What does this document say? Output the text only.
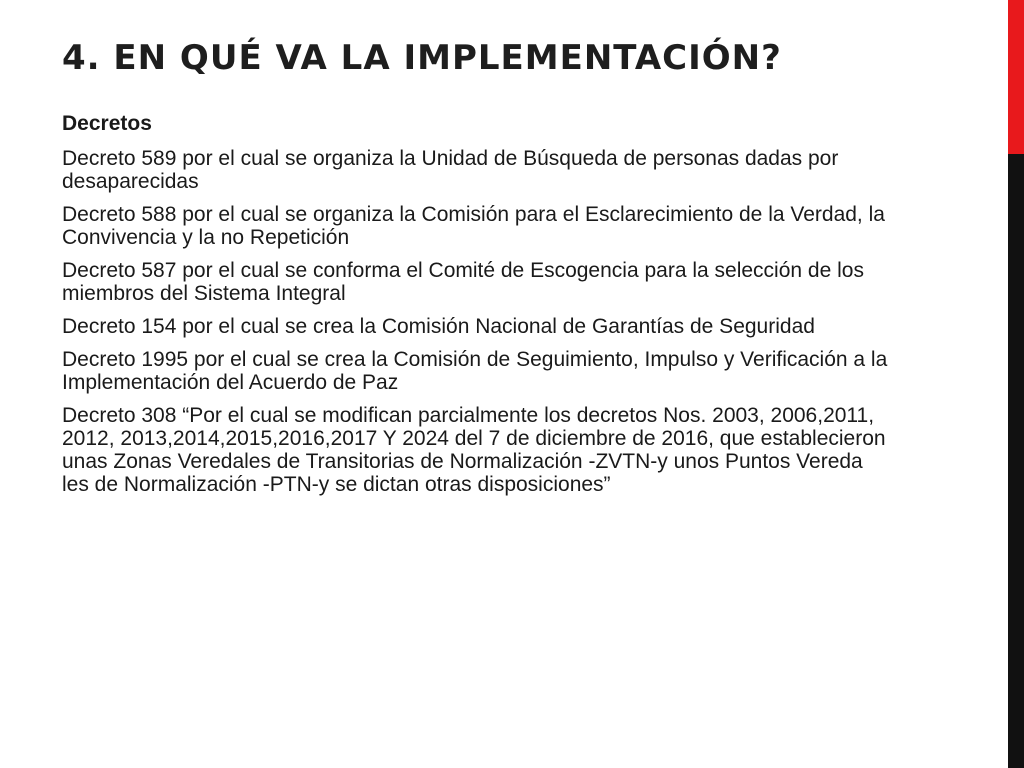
4. EN QUÉ VA LA IMPLEMENTACIÓN?
Decretos

Decreto 589 por el cual se organiza la Unidad de Búsqueda de personas dadas por desaparecidas

Decreto 588 por el cual se organiza la Comisión para el Esclarecimiento de la Verdad, la Convivencia y la no Repetición

Decreto 587 por el cual se conforma el Comité de Escogencia para la selección de los miembros del Sistema Integral

Decreto 154 por el cual se crea la Comisión Nacional de Garantías de Seguridad

Decreto 1995 por el cual se crea la Comisión de Seguimiento, Impulso y Verificación a la Implementación del Acuerdo de Paz

Decreto 308 “Por el cual se modifican parcialmente los decretos Nos. 2003, 2006,2011, 2012, 2013,2014,2015,2016,2017 Y 2024 del 7 de diciembre de 2016, que establecieron unas Zonas Veredales de Transitorias de Normalización -ZVTN-y unos Puntos Vereda les de Normalización -PTN-y se dictan otras disposiciones”
